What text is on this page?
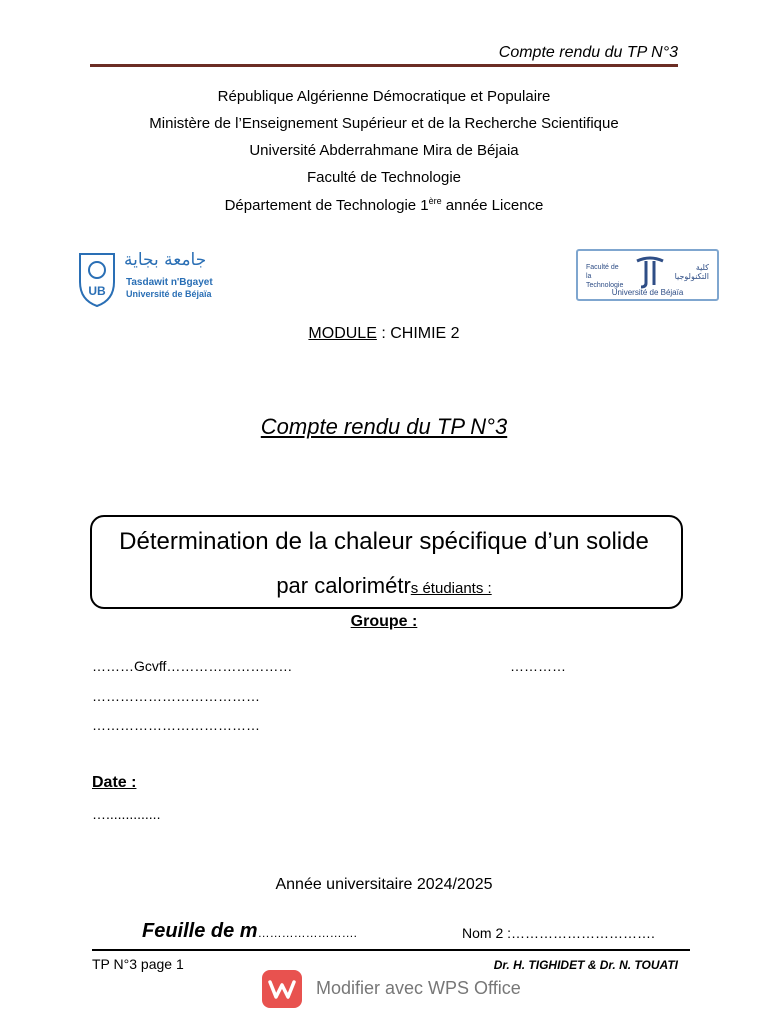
Compte rendu du TP N°3
République Algérienne Démocratique et Populaire
Ministère de l’Enseignement Supérieur et de la Recherche Scientifique
Université Abderrahmane Mira de Béjaia
Faculté de Technologie
Département de Technologie 1ère année Licence
UB
جامعة بجاية
Tasdawit n'Bgayet
Université de Béjaïa
Faculté de la Technologie
كلية التكنولوجيا
Université de Béjaïa
MODULE : CHIMIE 2
Compte rendu du TP N°3
Détermination de la chaleur spécifique d’un solide
par calorimétrs étudiants :
Groupe :
………Gcvff………………………	…………
………………………………
………………………………
Date :
…..............
Année universitaire 2024/2025
Feuille de m…………………….	Nom 2 :………………………….
TP N°3 page 1	Dr. H. TIGHIDET & Dr. N. TOUATI
Modifier avec WPS Office
